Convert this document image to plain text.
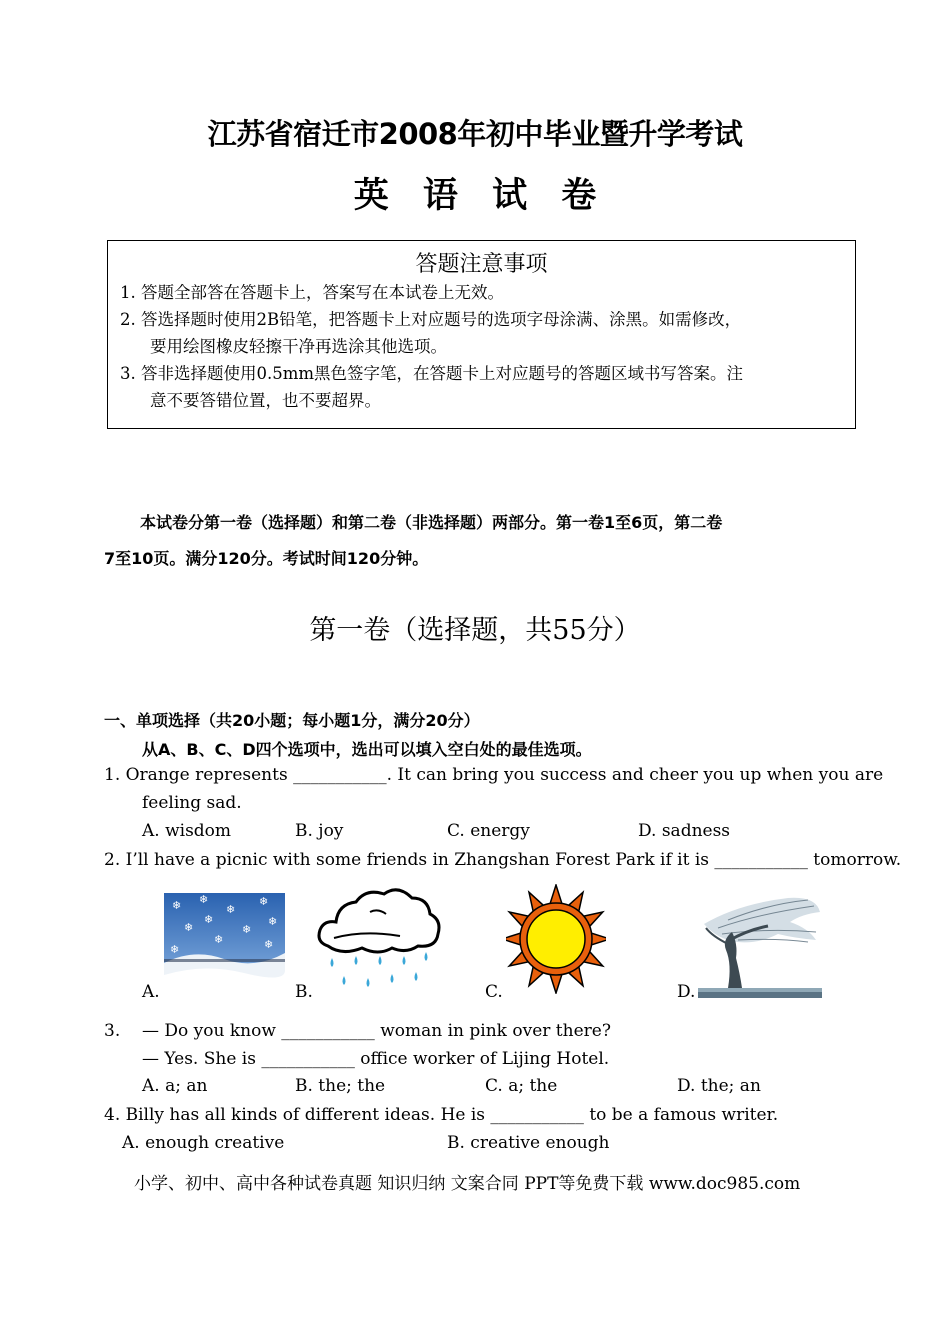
江苏省宿迁市2008年初中毕业暨升学考试
英 语 试 卷
答题注意事项
1. 答题全部答在答题卡上，答案写在本试卷上无效。
2. 答选择题时使用2B铅笔，把答题卡上对应题号的选项字母涂满、涂黑。如需修改，
要用绘图橡皮轻擦干净再选涂其他选项。
3. 答非选择题使用0.5mm黑色签字笔，在答题卡上对应题号的答题区域书写答案。注
意不要答错位置，也不要超界。
本试卷分第一卷（选择题）和第二卷（非选择题）两部分。第一卷1至6页，第二卷
7至10页。满分120分。考试时间120分钟。
第一卷（选择题，共55分）
一、单项选择（共20小题；每小题1分，满分20分）
从A、B、C、D四个选项中，选出可以填入空白处的最佳选项。
1. Orange represents ___________. It can bring you success and cheer you up when you are
feeling sad.
A. wisdom	B. joy	C. energy	D. sadness
2. I’ll have a picnic with some friends in Zhangshan Forest Park if it is ___________ tomorrow.
A.	B.	C.	D.
❄ ❄
❄
❄
❄	❄
❄
❄
❄	❄
❄
3. — Do you know ___________ woman in pink over there?
— Yes. She is ___________ office worker of Lijing Hotel.
A. a; an	B. the; the	C. a; the	D. the; an
4. Billy has all kinds of different ideas. He is ___________ to be a famous writer.
A. enough creative	B. creative enough
小学、初中、高中各种试卷真题 知识归纳 文案合同 PPT等免费下载 www.doc985.com
